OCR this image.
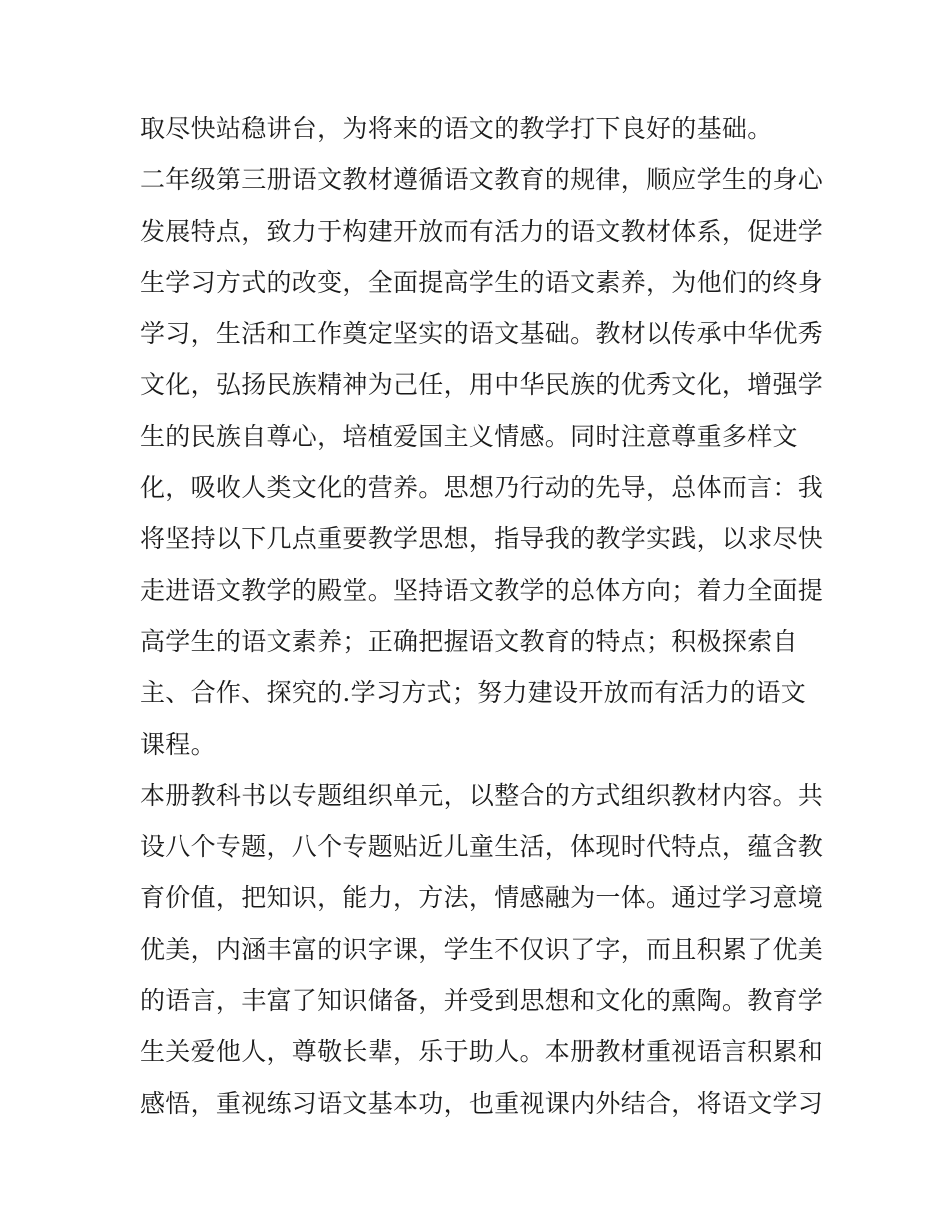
取尽快站稳讲台，为将来的语文的教学打下良好的基础。
二年级第三册语文教材遵循语文教育的规律，顺应学生的身心
发展特点，致力于构建开放而有活力的语文教材体系，促进学
生学习方式的改变，全面提高学生的语文素养，为他们的终身
学习，生活和工作奠定坚实的语文基础。教材以传承中华优秀
文化，弘扬民族精神为己任，用中华民族的优秀文化，增强学
生的民族自尊心，培植爱国主义情感。同时注意尊重多样文
化，吸收人类文化的营养。思想乃行动的先导，总体而言：我
将坚持以下几点重要教学思想，指导我的教学实践，以求尽快
走进语文教学的殿堂。坚持语文教学的总体方向；着力全面提
高学生的语文素养；正确把握语文教育的特点；积极探索自
主、合作、探究的.学习方式；努力建设开放而有活力的语文
课程。
本册教科书以专题组织单元，以整合的方式组织教材内容。共
设八个专题，八个专题贴近儿童生活，体现时代特点，蕴含教
育价值，把知识，能力，方法，情感融为一体。通过学习意境
优美，内涵丰富的识字课，学生不仅识了字，而且积累了优美
的语言，丰富了知识储备，并受到思想和文化的熏陶。教育学
生关爱他人，尊敬长辈，乐于助人。本册教材重视语言积累和
感悟，重视练习语文基本功，也重视课内外结合，将语文学习
